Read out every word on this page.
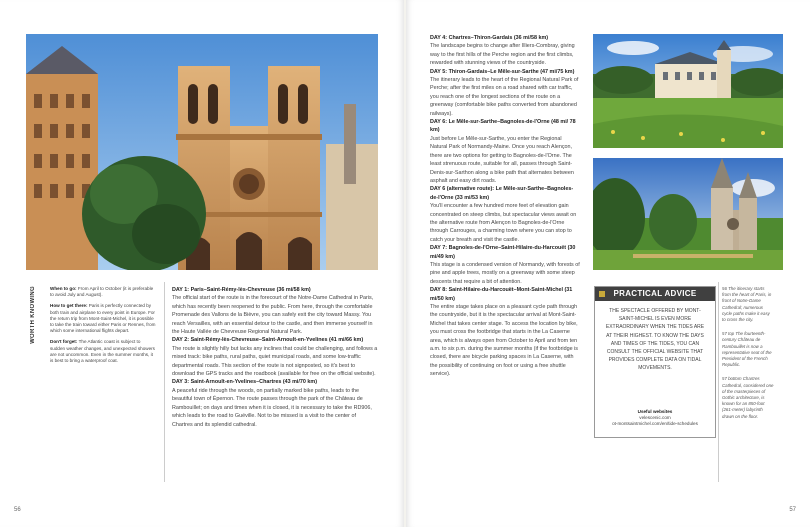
WORTH KNOWING	When to go: From April to October (it is preferable to avoid July and August).

How to get there: Paris is perfectly connected by both train and airplane to every point in Europe. For the return trip from Mont-Saint-Michel, it is possible to take the train toward either Paris or Rennes, from which some international flights depart.

Don't forget: The Atlantic coast is subject to sudden weather changes, and unexpected showers are not uncommon. Even in the summer months, it is best to bring a waterproof coat.

DAY 1: Paris–Saint-Rémy-lès-Chevreuse (36 mi/58 km)

The official start of the route is in the forecourt of the Notre-Dame Cathedral in Paris, which has recently been reopened to the public. From here, through the comfortable Promenade des Vallons de la Bièvre, you can safely exit the city toward Massy. You reach Versailles, with an essential detour to the castle, and then immerse yourself in the Haute Vallée de Chevreuse Regional Natural Park.

DAY 2: Saint-Rémy-lès-Chevreuse–Saint-Arnoult-en-Yvelines (41 mi/66 km)

The route is slightly hilly but lacks any inclines that could be challenging, and follows a mixed track: bike paths, rural paths, quiet municipal roads, and some low-traffic departmental roads. This section of the route is not signposted, so it's best to download the GPS tracks and the roadbook (available for free on the official website).

DAY 3: Saint-Arnoult-en-Yvelines–Chartres (43 mi/70 km)

A peaceful ride through the woods, on partially marked bike paths, leads to the beautiful town of Épernon. The route passes through the park of the Château de Rambouillet; on days and times when it is closed, it is necessary to take the RD906, which leads to the road to Guéville. Not to be missed is a visit to the center of Chartres and its splendid cathedral.

DAY 4: Chartres–Thiron-Gardais (36 mi/58 km)

The landscape begins to change after Illiers-Combray, giving way to the first hills of the Perche region and the first climbs, rewarded with stunning views of the countryside.

DAY 5: Thiron-Gardais–Le Mêle-sur-Sarthe (47 mi/75 km)

The itinerary leads to the heart of the Regional Natural Park of Perche; after the first miles on a road shared with car traffic, you reach one of the longest sections of the route on a greenway (comfortable bike paths converted from abandoned railways).

DAY 6: Le Mêle-sur-Sarthe–Bagnoles-de-l'Orne (48 mi/ 78 km)

Just before Le Mêle-sur-Sarthe, you enter the Regional Natural Park of Normandy-Maine. Once you reach Alençon, there are two options for getting to Bagnoles-de-l'Orne. The least strenuous route, suitable for all, passes through Saint-Denis-sur-Sarthon along a bike path that alternates between asphalt and easy dirt roads.

DAY 6 (alternative route): Le Mêle-sur-Sarthe–Bagnoles-de-l'Orne (33 mi/53 km)

You'll encounter a few hundred more feet of elevation gain concentrated on steep climbs, but spectacular views await on the alternative route from Alençon to Bagnoles-de-l'Orne through Carrouges, a charming town where you can stop to catch your breath and visit the castle.

DAY 7: Bagnoles-de-l'Orne–Saint-Hilaire-du-Harcouët (30 mi/49 km)

This stage is a condensed version of Normandy, with forests of pine and apple trees, mostly on a greenway with some steep descents that require a bit of attention.

DAY 8: Saint-Hilaire-du-Harcouët–Mont-Saint-Michel (31 mi/50 km)

The entire stage takes place on a pleasant cycle path through the countryside, but it is the spectacular arrival at Mont-Saint-Michel that takes center stage. To access the location by bike, you must cross the footbridge that starts in the La Caserne area, which is always open from October to April and from ten a.m. to six p.m. during the summer months (if the footbridge is closed, there are bicycle parking spaces in La Caserne, with the possibility of continuing on foot or using a free shuttle service).

PRACTICAL ADVICE
THE SPECTACLE OFFERED BY MONT-SAINT-MICHEL IS EVEN MORE EXTRAORDINARY WHEN THE TIDES ARE AT THEIR HIGHEST. TO KNOW THE DAYS AND TIMES OF THE TIDES, YOU CAN CONSULT THE OFFICIAL WEBSITE THAT PROVIDES COMPLETE DATA ON TIDAL MOVEMENTS.
Useful websites
velescenic.com
ot-montsaintmichel.com/en/tide-schedules

56 The itinerary starts from the heart of Paris, in front of Notre-Dame Cathedral; numerous cycle paths make it easy to cross the city.

57 top The fourteenth-century Château de Rambouillet is now a representative seat of the President of the French Republic.

57 bottom Chartres Cathedral, considered one of the masterpieces of Gothic architecture, is known for an 850-foot (261-meter) labyrinth drawn on the floor.

56	57
